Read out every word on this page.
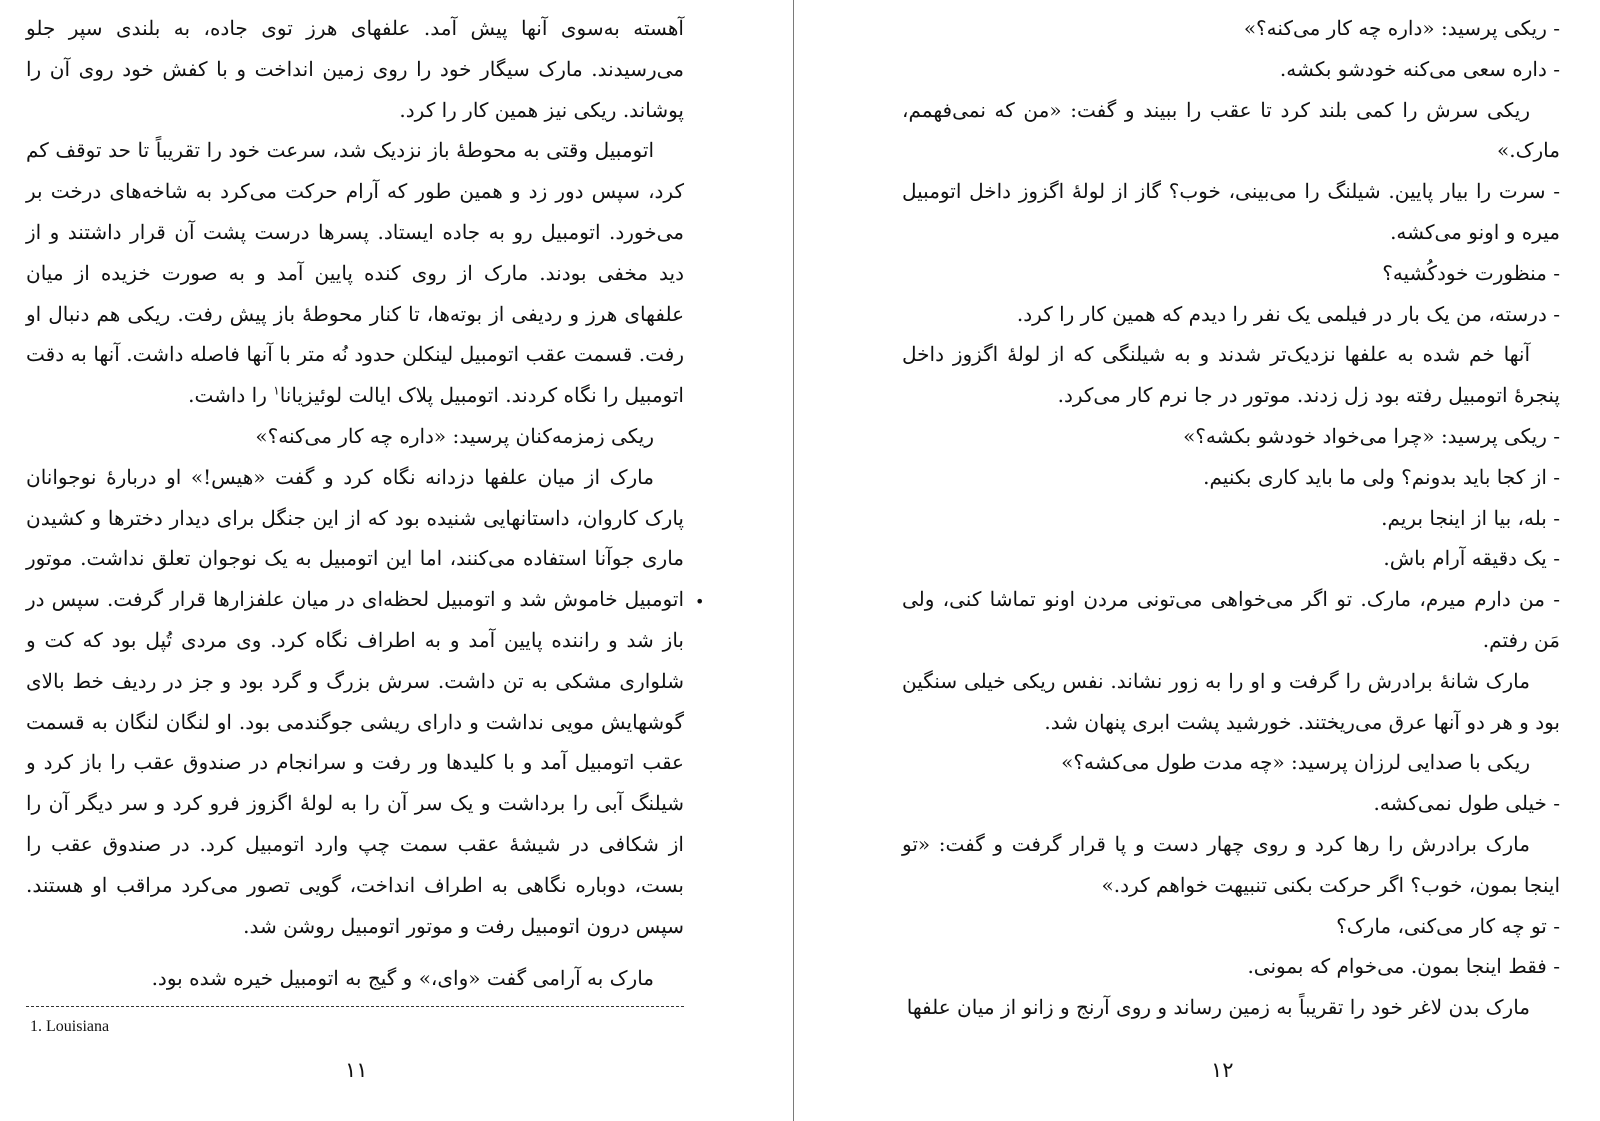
آهسته به‌سوی آنها پیش آمد. علفهای هرز توی جاده، به بلندی سپر جلو می‌رسیدند. مارک سیگار خود را روی زمین انداخت و با کفش خود روی آن را پوشاند. ریکی نیز همین کار را کرد.

اتومبیل وقتی به محوطهٔ باز نزدیک شد، سرعت خود را تقریباً تا حد توقف کم کرد، سپس دور زد و همین طور که آرام حرکت می‌کرد به شاخه‌های درخت بر می‌خورد. اتومبیل رو به جاده ایستاد. پسرها درست پشت آن قرار داشتند و از دید مخفی بودند. مارک از روی کنده پایین آمد و به صورت خزیده از میان علفهای هرز و ردیفی از بوته‌ها، تا کنار محوطهٔ باز پیش رفت. ریکی هم دنبال او رفت. قسمت عقب اتومبیل لینکلن حدود نُه متر با آنها فاصله داشت. آنها به دقت اتومبیل را نگاه کردند. اتومبیل پلاک ایالت لوئیزیانا$^۱$ را داشت.

ریکی زمزمه‌کنان پرسید: «داره چه کار می‌کنه؟»

مارک از میان علفها دزدانه نگاه کرد و گفت «هیس!» او دربارهٔ نوجوانان پارک کاروان، داستانهایی شنیده بود که از این جنگل برای دیدار دخترها و کشیدن ماری جوآنا استفاده می‌کنند، اما این اتومبیل به یک نوجوان تعلق نداشت. موتور اتومبیل خاموش شد و اتومبیل لحظه‌ای در میان علفزارها قرار گرفت. سپس در باز شد و راننده پایین آمد و به اطراف نگاه کرد. وی مردی تُپل بود که کت و شلواری مشکی به تن داشت. سرش بزرگ و گرد بود و جز در ردیف خط بالای گوشهایش مویی نداشت و دارای ریشی جوگندمی بود. او لنگان لنگان به قسمت عقب اتومبیل آمد و با کلیدها ور رفت و سرانجام در صندوق عقب را باز کرد و شیلنگ آبی را برداشت و یک سر آن را به لولهٔ اگزوز فرو کرد و سر دیگر آن را از شکافی در شیشهٔ عقب سمت چپ وارد اتومبیل کرد. در صندوق عقب را بست، دوباره نگاهی به اطراف انداخت، گویی تصور می‌کرد مراقب او هستند. سپس درون اتومبیل رفت و موتور اتومبیل روشن شد.

مارک به آرامی گفت «وای،» و گیج به اتومبیل خیره شده بود.

•
1. Louisiana
۱۱

- ریکی پرسید: «داره چه کار می‌کنه؟»

- داره سعی می‌کنه خودشو بکشه.

ریکی سرش را کمی بلند کرد تا عقب را ببیند و گفت: «من که نمی‌فهمم، مارک.»

- سرت را بیار پایین. شیلنگ را می‌بینی، خوب؟ گاز از لولهٔ اگزوز داخل اتومبیل میره و اونو می‌کشه.

- منظورت خودکُشیه؟

- درسته، من یک بار در فیلمی یک نفر را دیدم که همین کار را کرد.

آنها خم شده به علفها نزدیک‌تر شدند و به شیلنگی که از لولهٔ اگزوز داخل پنجرهٔ اتومبیل رفته بود زل زدند. موتور در جا نرم کار می‌کرد.

- ریکی پرسید: «چرا می‌خواد خودشو بکشه؟»

- از کجا باید بدونم؟ ولی ما باید کاری بکنیم.

- بله، بیا از اینجا بریم.

- یک دقیقه آرام باش.

- من دارم میرم، مارک. تو اگر می‌خواهی می‌تونی مردن اونو تماشا کنی، ولی مَن رفتم.

مارک شانهٔ برادرش را گرفت و او را به زور نشاند. نفس ریکی خیلی سنگین بود و هر دو آنها عرق می‌ریختند. خورشید پشت ابری پنهان شد.

ریکی با صدایی لرزان پرسید: «چه مدت طول می‌کشه؟»

- خیلی طول نمی‌کشه.

مارک برادرش را رها کرد و روی چهار دست و پا قرار گرفت و گفت: «تو اینجا بمون، خوب؟ اگر حرکت بکنی تنبیهت خواهم کرد.»

- تو چه کار می‌کنی، مارک؟

- فقط اینجا بمون. می‌خوام که بمونی.

مارک بدن لاغر خود را تقریباً به زمین رساند و روی آرنج و زانو از میان علفها

۱۲
